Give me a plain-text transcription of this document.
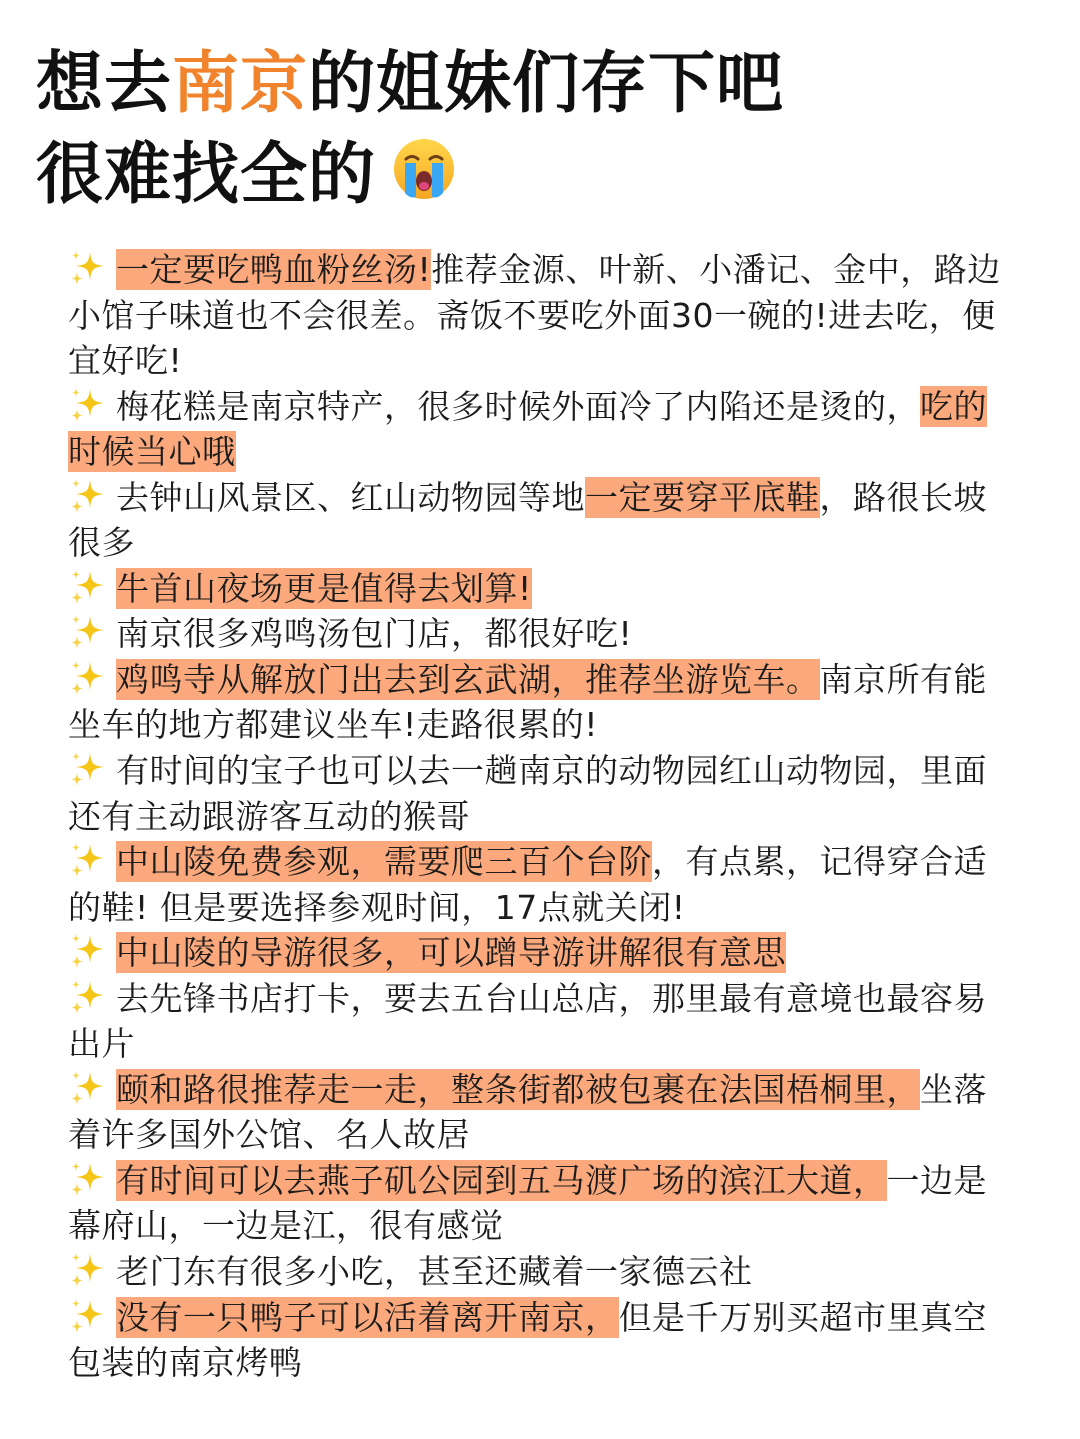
想去南京的姐妹们存下吧
很难找全的

一定要吃鸭血粉丝汤!推荐金源、叶新、小潘记、金中，路边小馆子味道也不会很差。斋饭不要吃外面30一碗的!进去吃，便宜好吃!

梅花糕是南京特产，很多时候外面冷了内陷还是烫的，吃的时候当心哦

去钟山风景区、红山动物园等地一定要穿平底鞋，路很长坡很多

牛首山夜场更是值得去划算!

南京很多鸡鸣汤包门店，都很好吃!

鸡鸣寺从解放门出去到玄武湖，推荐坐游览车。南京所有能坐车的地方都建议坐车!走路很累的!

有时间的宝子也可以去一趟南京的动物园红山动物园，里面还有主动跟游客互动的猴哥

中山陵免费参观，需要爬三百个台阶，有点累，记得穿合适的鞋! 但是要选择参观时间，17点就关闭!

中山陵的导游很多，可以蹭导游讲解很有意思

去先锋书店打卡，要去五台山总店，那里最有意境也最容易出片

颐和路很推荐走一走，整条街都被包裹在法国梧桐里，坐落着许多国外公馆、名人故居

有时间可以去燕子矶公园到五马渡广场的滨江大道，一边是幕府山，一边是江，很有感觉

老门东有很多小吃，甚至还藏着一家德云社

没有一只鸭子可以活着离开南京，但是千万别买超市里真空包装的南京烤鸭
